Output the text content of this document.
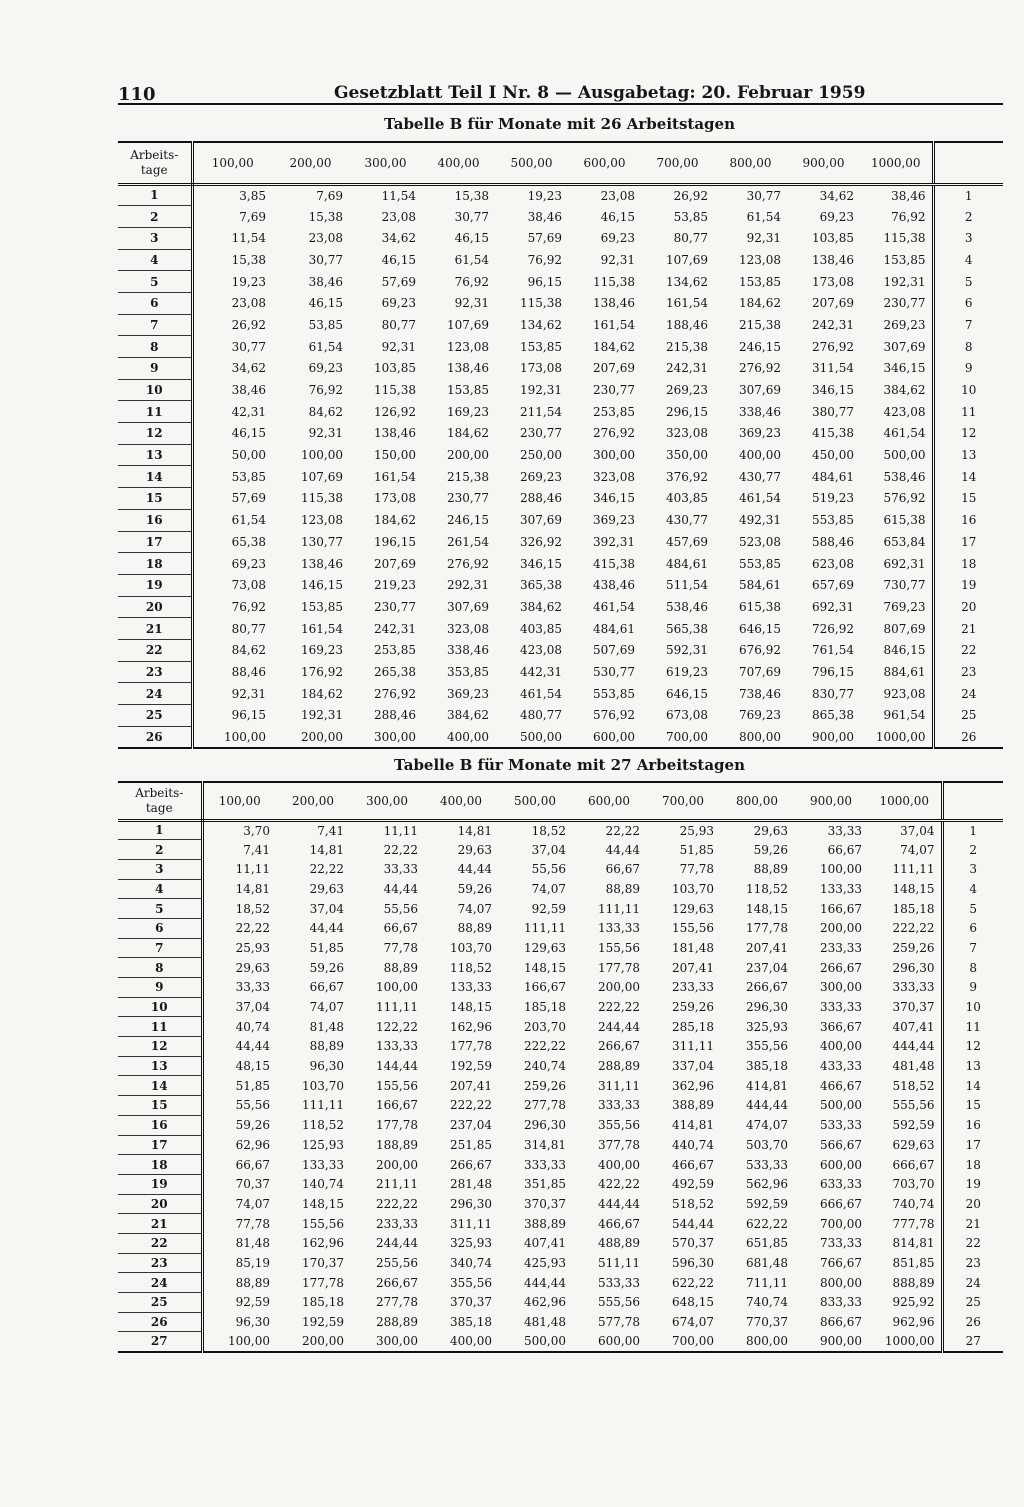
110	Gesetzblatt Teil I Nr. 8 — Ausgabetag: 20. Februar 1959
Tabelle B für Monate mit 26 Arbeitstagen
Arbeits-
tage	100,00	200,00	300,00	400,00	500,00	600,00	700,00	800,00	900,00	1000,00	
1	3,85	7,69	11,54	15,38	19,23	23,08	26,92	30,77	34,62	38,46	1
2	7,69	15,38	23,08	30,77	38,46	46,15	53,85	61,54	69,23	76,92	2
3	11,54	23,08	34,62	46,15	57,69	69,23	80,77	92,31	103,85	115,38	3
4	15,38	30,77	46,15	61,54	76,92	92,31	107,69	123,08	138,46	153,85	4
5	19,23	38,46	57,69	76,92	96,15	115,38	134,62	153,85	173,08	192,31	5
6	23,08	46,15	69,23	92,31	115,38	138,46	161,54	184,62	207,69	230,77	6
7	26,92	53,85	80,77	107,69	134,62	161,54	188,46	215,38	242,31	269,23	7
8	30,77	61,54	92,31	123,08	153,85	184,62	215,38	246,15	276,92	307,69	8
9	34,62	69,23	103,85	138,46	173,08	207,69	242,31	276,92	311,54	346,15	9
10	38,46	76,92	115,38	153,85	192,31	230,77	269,23	307,69	346,15	384,62	10
11	42,31	84,62	126,92	169,23	211,54	253,85	296,15	338,46	380,77	423,08	11
12	46,15	92,31	138,46	184,62	230,77	276,92	323,08	369,23	415,38	461,54	12
13	50,00	100,00	150,00	200,00	250,00	300,00	350,00	400,00	450,00	500,00	13
14	53,85	107,69	161,54	215,38	269,23	323,08	376,92	430,77	484,61	538,46	14
15	57,69	115,38	173,08	230,77	288,46	346,15	403,85	461,54	519,23	576,92	15
16	61,54	123,08	184,62	246,15	307,69	369,23	430,77	492,31	553,85	615,38	16
17	65,38	130,77	196,15	261,54	326,92	392,31	457,69	523,08	588,46	653,84	17
18	69,23	138,46	207,69	276,92	346,15	415,38	484,61	553,85	623,08	692,31	18
19	73,08	146,15	219,23	292,31	365,38	438,46	511,54	584,61	657,69	730,77	19
20	76,92	153,85	230,77	307,69	384,62	461,54	538,46	615,38	692,31	769,23	20
21	80,77	161,54	242,31	323,08	403,85	484,61	565,38	646,15	726,92	807,69	21
22	84,62	169,23	253,85	338,46	423,08	507,69	592,31	676,92	761,54	846,15	22
23	88,46	176,92	265,38	353,85	442,31	530,77	619,23	707,69	796,15	884,61	23
24	92,31	184,62	276,92	369,23	461,54	553,85	646,15	738,46	830,77	923,08	24
25	96,15	192,31	288,46	384,62	480,77	576,92	673,08	769,23	865,38	961,54	25
26	100,00	200,00	300,00	400,00	500,00	600,00	700,00	800,00	900,00	1000,00	26
Tabelle B für Monate mit 27 Arbeitstagen
Arbeits-
tage	100,00	200,00	300,00	400,00	500,00	600,00	700,00	800,00	900,00	1000,00	
1	3,70	7,41	11,11	14,81	18,52	22,22	25,93	29,63	33,33	37,04	1
2	7,41	14,81	22,22	29,63	37,04	44,44	51,85	59,26	66,67	74,07	2
3	11,11	22,22	33,33	44,44	55,56	66,67	77,78	88,89	100,00	111,11	3
4	14,81	29,63	44,44	59,26	74,07	88,89	103,70	118,52	133,33	148,15	4
5	18,52	37,04	55,56	74,07	92,59	111,11	129,63	148,15	166,67	185,18	5
6	22,22	44,44	66,67	88,89	111,11	133,33	155,56	177,78	200,00	222,22	6
7	25,93	51,85	77,78	103,70	129,63	155,56	181,48	207,41	233,33	259,26	7
8	29,63	59,26	88,89	118,52	148,15	177,78	207,41	237,04	266,67	296,30	8
9	33,33	66,67	100,00	133,33	166,67	200,00	233,33	266,67	300,00	333,33	9
10	37,04	74,07	111,11	148,15	185,18	222,22	259,26	296,30	333,33	370,37	10
11	40,74	81,48	122,22	162,96	203,70	244,44	285,18	325,93	366,67	407,41	11
12	44,44	88,89	133,33	177,78	222,22	266,67	311,11	355,56	400,00	444,44	12
13	48,15	96,30	144,44	192,59	240,74	288,89	337,04	385,18	433,33	481,48	13
14	51,85	103,70	155,56	207,41	259,26	311,11	362,96	414,81	466,67	518,52	14
15	55,56	111,11	166,67	222,22	277,78	333,33	388,89	444,44	500,00	555,56	15
16	59,26	118,52	177,78	237,04	296,30	355,56	414,81	474,07	533,33	592,59	16
17	62,96	125,93	188,89	251,85	314,81	377,78	440,74	503,70	566,67	629,63	17
18	66,67	133,33	200,00	266,67	333,33	400,00	466,67	533,33	600,00	666,67	18
19	70,37	140,74	211,11	281,48	351,85	422,22	492,59	562,96	633,33	703,70	19
20	74,07	148,15	222,22	296,30	370,37	444,44	518,52	592,59	666,67	740,74	20
21	77,78	155,56	233,33	311,11	388,89	466,67	544,44	622,22	700,00	777,78	21
22	81,48	162,96	244,44	325,93	407,41	488,89	570,37	651,85	733,33	814,81	22
23	85,19	170,37	255,56	340,74	425,93	511,11	596,30	681,48	766,67	851,85	23
24	88,89	177,78	266,67	355,56	444,44	533,33	622,22	711,11	800,00	888,89	24
25	92,59	185,18	277,78	370,37	462,96	555,56	648,15	740,74	833,33	925,92	25
26	96,30	192,59	288,89	385,18	481,48	577,78	674,07	770,37	866,67	962,96	26
27	100,00	200,00	300,00	400,00	500,00	600,00	700,00	800,00	900,00	1000,00	27
